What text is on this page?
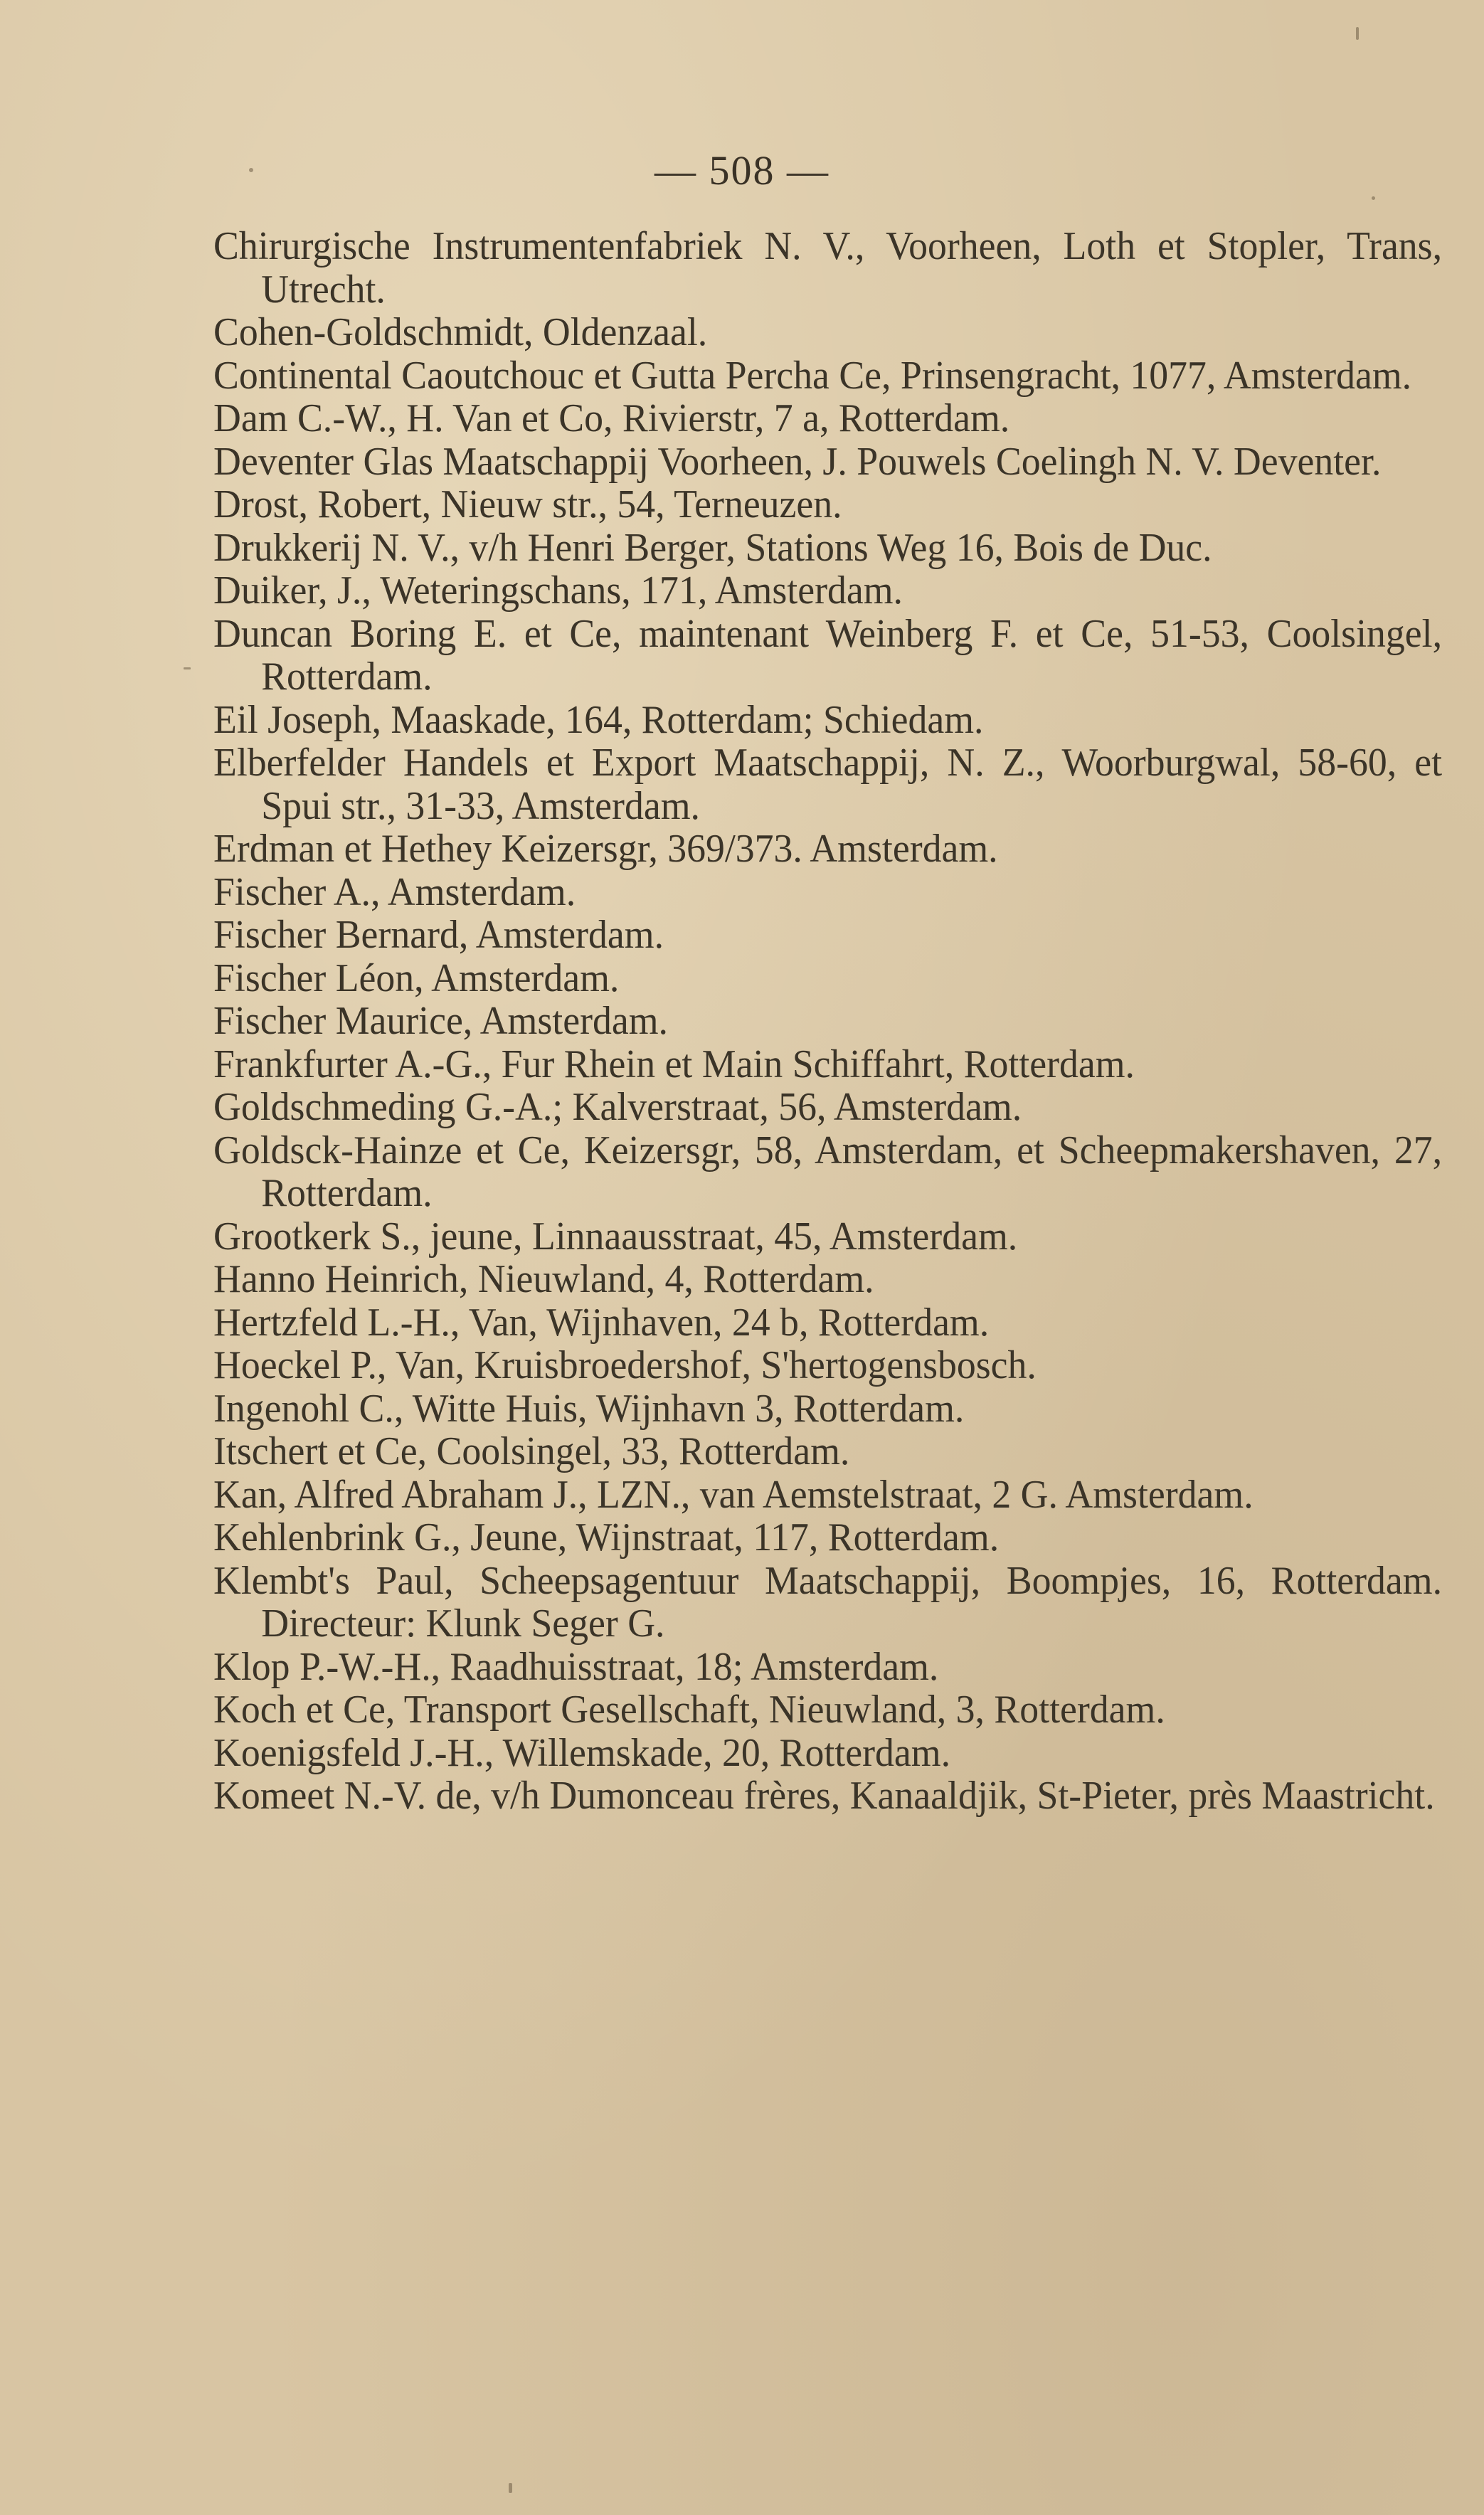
— 508 —
Chirurgische Instrumentenfabriek N. V., Voorheen, Loth et Stopler, Trans, Utrecht.
Cohen-Goldschmidt, Oldenzaal.
Continental Caoutchouc et Gutta Percha Ce, Prinsengracht, 1077, Amsterdam.
Dam C.-W., H. Van et Co, Rivierstr, 7 a, Rotterdam.
Deventer Glas Maatschappij Voorheen, J. Pouwels Coelingh N. V. Deventer.
Drost, Robert, Nieuw str., 54, Terneuzen.
Drukkerij N. V., v/h Henri Berger, Stations Weg 16, Bois de Duc.
Duiker, J., Weteringschans, 171, Amsterdam.
Duncan Boring E. et Ce, maintenant Weinberg F. et Ce, 51-53, Coolsingel, Rotterdam.
Eil Joseph, Maaskade, 164, Rotterdam; Schiedam.
Elberfelder Handels et Export Maatschappij, N. Z., Woorburgwal, 58-60, et Spui str., 31-33, Amsterdam.
Erdman et Hethey Keizersgr, 369/373. Amsterdam.
Fischer A., Amsterdam.
Fischer Bernard, Amsterdam.
Fischer Léon, Amsterdam.
Fischer Maurice, Amsterdam.
Frankfurter A.-G., Fur Rhein et Main Schiffahrt, Rotterdam.
Goldschmeding G.-A.; Kalverstraat, 56, Amsterdam.
Goldsck-Hainze et Ce, Keizersgr, 58, Amsterdam, et Scheepmakershaven, 27, Rotterdam.
Grootkerk S., jeune, Linnaausstraat, 45, Amsterdam.
Hanno Heinrich, Nieuwland, 4, Rotterdam.
Hertzfeld L.-H., Van, Wijnhaven, 24 b, Rotterdam.
Hoeckel P., Van, Kruisbroedershof, S'hertogensbosch.
Ingenohl C., Witte Huis, Wijnhavn 3, Rotterdam.
Itschert et Ce, Coolsingel, 33, Rotterdam.
Kan, Alfred Abraham J., LZN., van Aemstelstraat, 2 G. Amsterdam.
Kehlenbrink G., Jeune, Wijnstraat, 117, Rotterdam.
Klembt's Paul, Scheepsagentuur Maatschappij, Boompjes, 16, Rotterdam. Directeur: Klunk Seger G.
Klop P.-W.-H., Raadhuisstraat, 18; Amsterdam.
Koch et Ce, Transport Gesellschaft, Nieuwland, 3, Rotterdam.
Koenigsfeld J.-H., Willemskade, 20, Rotterdam.
Komeet N.-V. de, v/h Dumonceau frères, Kanaaldjik, St-Pieter, près Maastricht.
